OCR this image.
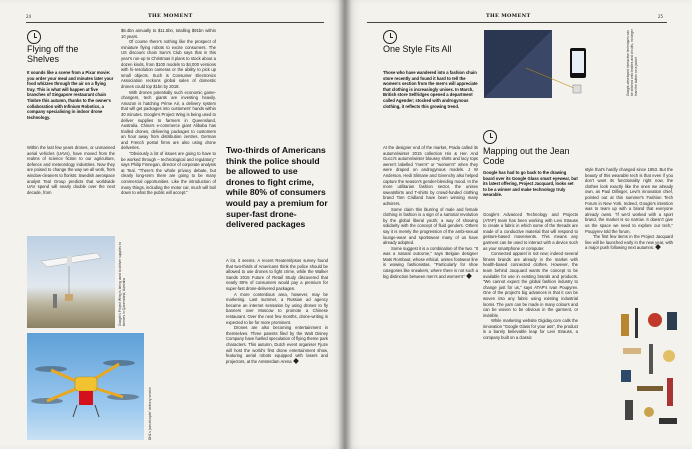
24	THE MOMENT
Flying off the Shelves
It sounds like a scene from a Pixar movie: you order your meal and minutes later your food whizzes through the air on a flying tray. This is what will happen at five branches of Singapore restaurant chain Timbre this autumn, thanks to the owner's collaboration with Infinium Robotics, a company specialising in indoor drone technology.

Within the last few years drones, or unmanned aerial vehicles (UAVs), have moved from the realms of science fiction to our agriculture, defence and meteorology industries. Now they are poised to change the way we all work, from window-cleaners to florists: Swedish aerospace analyst Teal Group predicts that worldwide UAV spend will nearly double over the next decade, from

Google's Project Wing is being used to deliver supplies to farmers in Queensland, Australia
DHL's 'parcelcopter' delivery service

$6.4bn annually to $11.5bn, totalling $91bn within 10 years.

Of course there's nothing like the prospect of miniature flying robots to excite consumers. The US discount chain Sam's Club says that in this year's run-up to Christmas it plans to stock about a dozen kinds, from $100 models to $4,000 versions with hi-resolution cameras or the ability to pick up small objects. Such is Consumer Electronics Association reckons global sales of domestic drones could top $1bn by 2018.

With drones potentially such economic game-changers, tech giants are investing heavily. Amazon is hatching Prime Air, a delivery system that will get packages into customers' hands within 30 minutes. Google's Project Wing is being used to deliver supplies to farmers in Queensland, Australia. China's e-commerce giant Alibaba has trialled drones, delivering packages to customers an hour away from distribution centres. German and French postal firms are also using drone deliveries.

"Obviously a lot of issues are going to have to be worked through – technological and regulatory," says Philip Finnegan, director of corporate analysis at Teal. "There's the whole privacy debate, but clearly long-term there are going to be many commercial opportunities. Like the introduction of many things, including the motor car, much will boil down to what the public will accept."

Two-thirds of Americans think the police should be allowed to use drones to fight crime, while 80% of consumers would pay a premium for super-fast drone-delivered packages

A lot, it seems. A recent Reuters/Ipsos survey found that two-thirds of Americans think the police should be allowed to use drones to fight crime, while the Walker Sands 2015 Future of Retail Study discovered that nearly 80% of consumers would pay a premium for super-fast drone-delivered packages.

A more contentious area, however, may be marketing. Last summer, a Russian ad agency became an internet sensation by using drones to fly banners over Moscow to promote a Chinese restaurant. Over the next few months, drone-writing is expected to be for more prominent.

Drones are also becoming entertainment in themselves. Three patents filed by the Walt Disney Company have fuelled speculation of flying theme park characters. This autumn, Dutch event organiser Fjuze will host the world's first drone entertainment show, featuring aerial robots equipped with lasers and projectors, at the Amsterdam Arena

THE MOMENT	25
One Style Fits All
Those who have wandered into a fashion chain store recently and found it hard to tell the women's section from the men's will appreciate that clothing is increasingly unisex. In March, British store Selfridges opened a department called Agender; stocked with androgynous clothing, it reflects this growing trend.

At the designer end of the market, Prada called its autumn/winter 2015 collection His & Her. And Gucci's autumn/winter blousey shirts and lacy tops weren't labelled "men's" or "women's" when they were draped on androgynous models. J W Anderson, Hedi Slimane and Givenchy also helped capture the season's gender-blending mood. In the more utilitarian fashion sector, the unisex sweatshirts and T-shirts by crowd-funded clothing brand Tom Cridland have been winning many admirers.

Some claim this blurring of male and female clothing in fashion is a sign of a sartorial revolution by the global liberal youth; a way of showing solidarity with the concept of fluid genders. Others say it is merely the progression of the ambi-sexual lounge-wear and sportswear many of us have already adopted.

Some suggest it is a combination of the two. "It was a natural outcome," says Belgian designer Mats Rombaut, whose ethical, unisex footwear line is wowing fashionistas. "Particularly for shoe categories like sneakers, where there is not such a big distinction between men's and women's"

Google-developed interactive techniques can be stitched onto textiles and circuits, no larger than the button on a jacket
Mapping out the Jean Code
Google has had to go back to the drawing board over its Google Glass smart eyewear, but its latest offering, Project Jacquard, looks set to be a winner and make technology truly wearable.

Google's Advanced Technology and Projects (ATAP) team has been working with Levi Strauss to create a fabric in which some of the threads are made of a conductive material that will respond to gesture-based movements. This means any garment can be used to interact with a device such as your smartphone or computer.

Connected apparel is not new; indeed several fitness brands are already in the market with health-based connected clothes. However, the team behind Jacquard wants the concept to be available for use in existing brands and products. "We cannot expect the global fashion industry to change just for us," says ATAP's Ivan Poupyrev. One of the project's big advances is that it can be woven into any fabric using existing industrial looms. The yarn can be made in many colours and can be woven to be obvious in the garment, or invisible.

While marketing website Digiday.com calls the innovation "Google Glass for your ass", the product is a barely believable leap for Levi Strauss, a company built on a classic

style that's hardly changed since 1853. But the beauty of this wearable tech is that even if you don't want its functionality right now, the clothes look exactly like the ones we already own, as Paul Dillinger, Levi's innovation chief, pointed out at this summer's Fashion Tech Forum in New York. Indeed, Google's intention was to team up with a brand that everyone already owns. "If we'd worked with a sport brand, the market is so narrow. It doesn't give us the space we need to explore our tech," Poupyrev told the forum.

The first few items in the Project Jacquard line will be launched early in the new year, with a major push following next autumns.
